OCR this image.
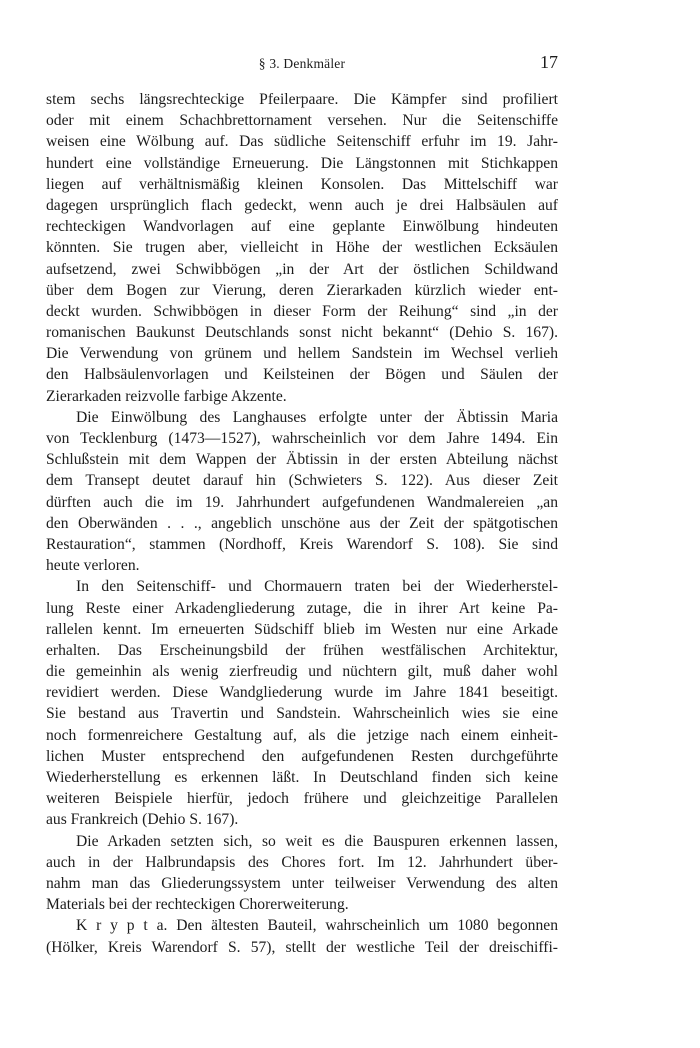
§ 3. Denkmäler	17
stem sechs längsrechteckige Pfeilerpaare. Die Kämpfer sind profiliert
oder mit einem Schachbrettornament versehen. Nur die Seitenschiffe
weisen eine Wölbung auf. Das südliche Seitenschiff erfuhr im 19. Jahr-
hundert eine vollständige Erneuerung. Die Längstonnen mit Stichkappen
liegen auf verhältnismäßig kleinen Konsolen. Das Mittelschiff war
dagegen ursprünglich flach gedeckt, wenn auch je drei Halbsäulen auf
rechteckigen Wandvorlagen auf eine geplante Einwölbung hindeuten
könnten. Sie trugen aber, vielleicht in Höhe der westlichen Ecksäulen
aufsetzend, zwei Schwibbögen „in der Art der östlichen Schildwand
über dem Bogen zur Vierung, deren Zierarkaden kürzlich wieder ent-
deckt wurden. Schwibbögen in dieser Form der Reihung“ sind „in der
romanischen Baukunst Deutschlands sonst nicht bekannt“ (Dehio S. 167).
Die Verwendung von grünem und hellem Sandstein im Wechsel verlieh
den Halbsäulenvorlagen und Keilsteinen der Bögen und Säulen der
Zierarkaden reizvolle farbige Akzente.
Die Einwölbung des Langhauses erfolgte unter der Äbtissin Maria
von Tecklenburg (1473—1527), wahrscheinlich vor dem Jahre 1494. Ein
Schlußstein mit dem Wappen der Äbtissin in der ersten Abteilung nächst
dem Transept deutet darauf hin (Schwieters S. 122). Aus dieser Zeit
dürften auch die im 19. Jahrhundert aufgefundenen Wandmalereien „an
den Oberwänden . . ., angeblich unschöne aus der Zeit der spätgotischen
Restauration“, stammen (Nordhoff, Kreis Warendorf S. 108). Sie sind
heute verloren.
In den Seitenschiff- und Chormauern traten bei der Wiederherstel-
lung Reste einer Arkadengliederung zutage, die in ihrer Art keine Pa-
rallelen kennt. Im erneuerten Südschiff blieb im Westen nur eine Arkade
erhalten. Das Erscheinungsbild der frühen westfälischen Architektur,
die gemeinhin als wenig zierfreudig und nüchtern gilt, muß daher wohl
revidiert werden. Diese Wandgliederung wurde im Jahre 1841 beseitigt.
Sie bestand aus Travertin und Sandstein. Wahrscheinlich wies sie eine
noch formenreichere Gestaltung auf, als die jetzige nach einem einheit-
lichen Muster entsprechend den aufgefundenen Resten durchgeführte
Wiederherstellung es erkennen läßt. In Deutschland finden sich keine
weiteren Beispiele hierfür, jedoch frühere und gleichzeitige Parallelen
aus Frankreich (Dehio S. 167).
Die Arkaden setzten sich, so weit es die Bauspuren erkennen lassen,
auch in der Halbrundapsis des Chores fort. Im 12. Jahrhundert über-
nahm man das Gliederungssystem unter teilweiser Verwendung des alten
Materials bei der rechteckigen Chorerweiterung.
K r y p t a. Den ältesten Bauteil, wahrscheinlich um 1080 begonnen
(Hölker, Kreis Warendorf S. 57), stellt der westliche Teil der dreischiffi-
